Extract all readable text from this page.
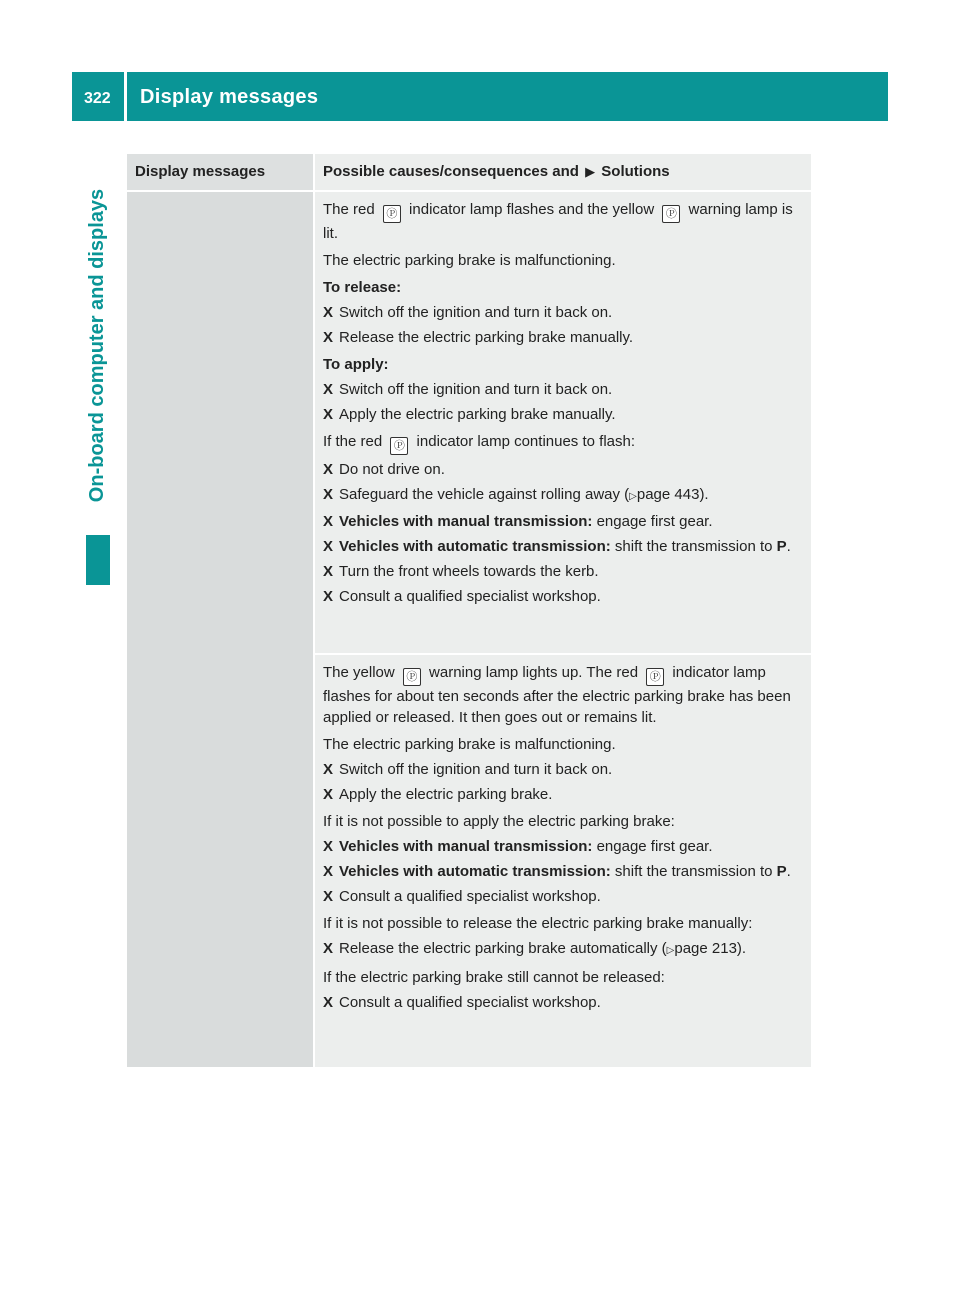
322 Display messages
On-board computer and displays
Display messages	Possible causes/consequences and ▶ Solutions

The red Ⓟ indicator lamp flashes and the yellow Ⓟ warning lamp is lit.

The electric parking brake is malfunctioning.

To release:

X Switch off the ignition and turn it back on.
X Release the electric parking brake manually.

To apply:

X Switch off the ignition and turn it back on.
X Apply the electric parking brake manually.

If the red Ⓟ indicator lamp continues to flash:

X Do not drive on.
X Safeguard the vehicle against rolling away (▷page 443).
X Vehicles with manual transmission: engage first gear.
X Vehicles with automatic transmission: shift the transmission to P.
X Turn the front wheels towards the kerb.
X Consult a qualified specialist workshop.

The yellow Ⓟ warning lamp lights up. The red Ⓟ indicator lamp flashes for about ten seconds after the electric parking brake has been applied or released. It then goes out or remains lit.

The electric parking brake is malfunctioning.

X Switch off the ignition and turn it back on.
X Apply the electric parking brake.

If it is not possible to apply the electric parking brake:

X Vehicles with manual transmission: engage first gear.
X Vehicles with automatic transmission: shift the transmission to P.
X Consult a qualified specialist workshop.

If it is not possible to release the electric parking brake manually:

X Release the electric parking brake automatically (▷page 213).

If the electric parking brake still cannot be released:

X Consult a qualified specialist workshop.
